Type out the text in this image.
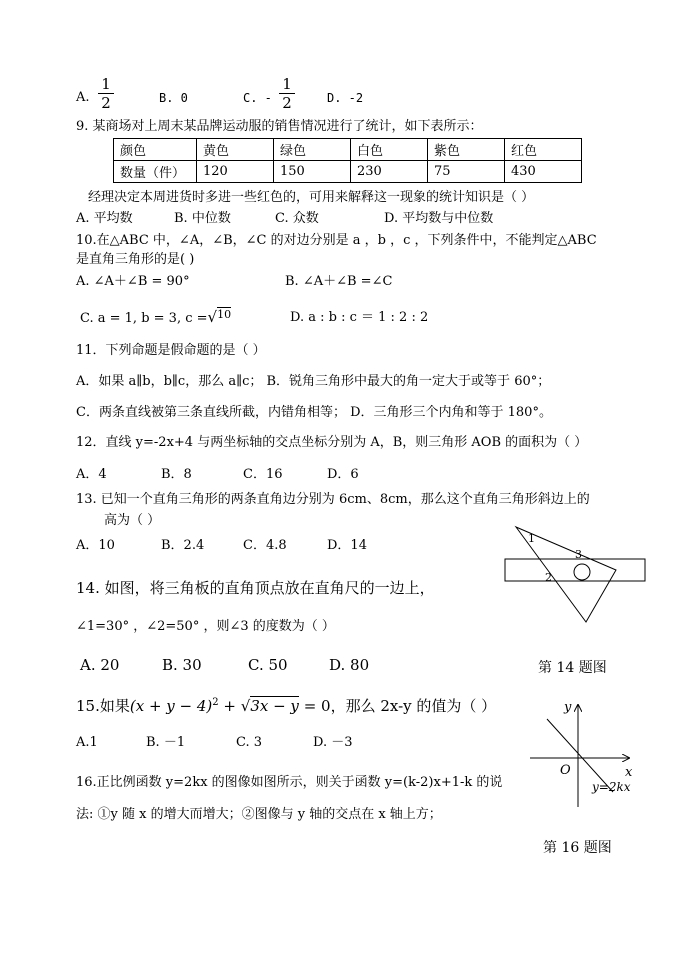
A.
1
2	B. 0	C. -
1
2	D. -2
9. 某商场对上周末某品牌运动服的销售情况进行了统计，如下表所示：
颜色	黄色	绿色	白色	紫色	红色
数量（件）	120	150	230	75	430
经理决定本周进货时多进一些红色的，可用来解释这一现象的统计知识是（ ）
A. 平均数	B. 中位数	C. 众数	D. 平均数与中位数
10.在△ABC 中，∠A，∠B，∠C 的对边分别是 a ，b ，c ，下列条件中，不能判定△ABC
是直角三角形的是( )
A. ∠A＋∠B = 90°	B. ∠A＋∠B =∠C
C. a = 1, b = 3, c =√$^{10}$	D. a : b : c ＝ 1 : 2 : 2
11．下列命题是假命题的是（ ）
A．如果 a∥b，b∥c，那么 a∥c； B．锐角三角形中最大的角一定大于或等于 60°；
C．两条直线被第三条直线所截，内错角相等； D．三角形三个内角和等于 180°。
12．直线 y=-2x+4 与两坐标轴的交点坐标分别为 A，B，则三角形 AOB 的面积为（ ）
A．4	B．8	C．16	D．6
13. 已知一个直角三角形的两条直角边分别为 6cm、8cm，那么这个直角三角形斜边上的
高为（ ）
A．10	B．2.4	C．4.8	D．14	1
3
2
14. 如图，将三角板的直角顶点放在直角尺的一边上，
∠1=30° ，∠2=50° ，则∠3 的度数为（ ）
A. 20	B. 30	C. 50	D. 80	第 14 题图
15.如果$(x + y - 4)^2 + √3x - y = 0$，那么 2x-y 的值为（ ）
A.1	B. －1	C. 3	D. －3
y
x
O
y=2kx
16.正比例函数 y=2kx 的图像如图所示，则关于函数 y=(k-2)x+1-k 的说
法: ①y 随 x 的增大而增大；②图像与 y 轴的交点在 x 轴上方；
第 16 题图
